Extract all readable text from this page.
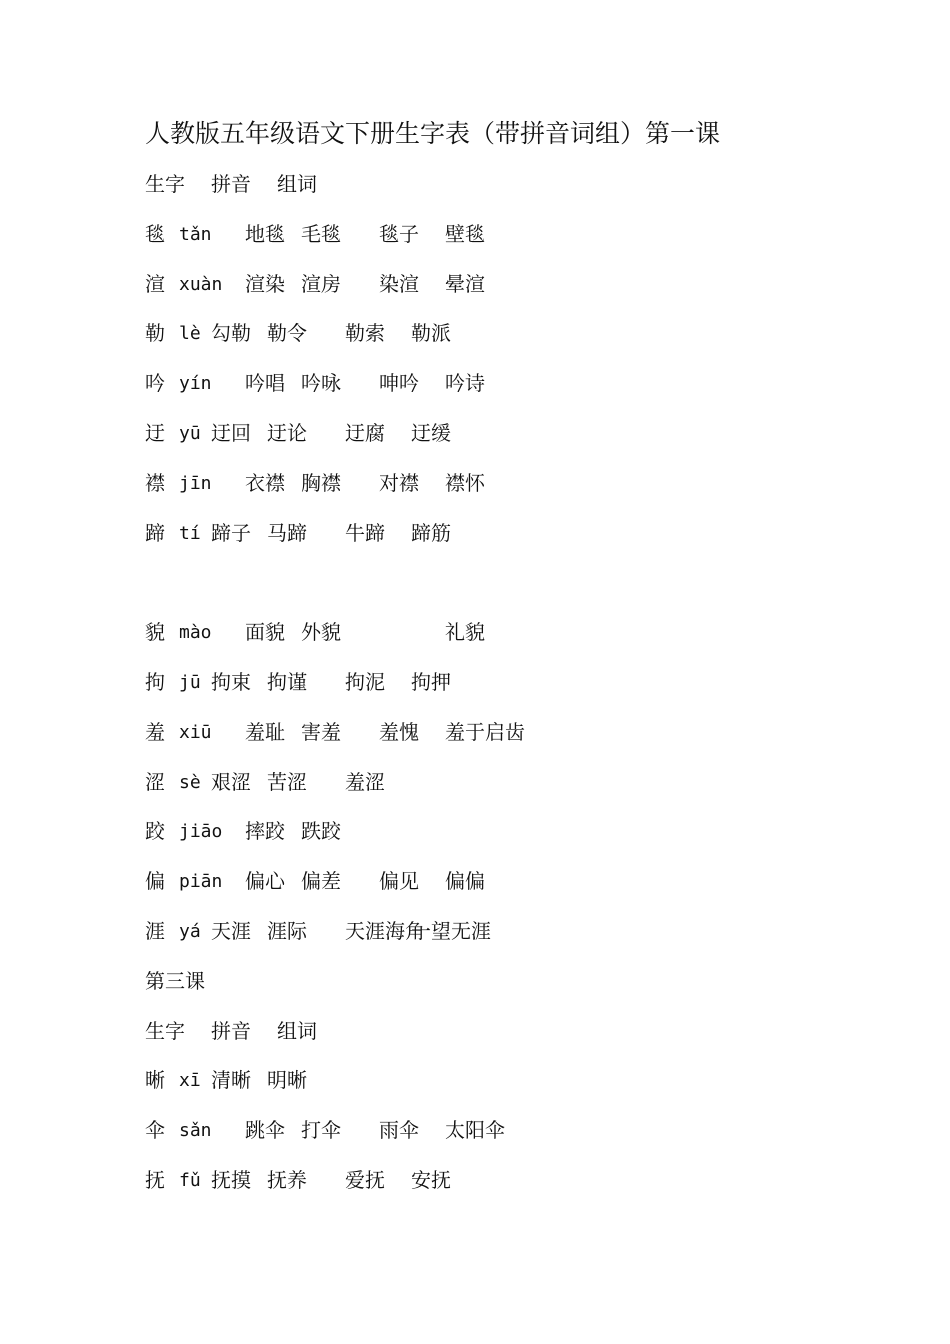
人教版五年级语文下册生字表（带拼音词组）第一课
生字 拼音 组词
毯 tǎn 地毯 毛毯 毯子 壁毯
渲 xuàn 渲染 渲房 染渲 晕渲
勒 lè 勾勒 勒令 勒索 勒派
吟 yín 吟唱 吟咏 呻吟 吟诗
迂 yū 迂回 迂论 迂腐 迂缓
襟 jīn 衣襟 胸襟 对襟 襟怀
蹄 tí 蹄子 马蹄 牛蹄 蹄筋
貌 mào 面貌 外貌	礼貌
拘 jū 拘束 拘谨 拘泥 拘押
羞 xiū 羞耻 害羞 羞愧 羞于启齿
涩 sè 艰涩 苦涩 羞涩
跤 jiāo 摔跤 跌跤
偏 piān 偏心 偏差 偏见 偏偏
涯 yá 天涯 涯际 天涯海角
一望无涯
第三课
生字 拼音 组词
晰 xī 清晰 明晰
伞 sǎn 跳伞 打伞 雨伞 太阳伞
抚 fǔ 抚摸 抚养 爱抚 安抚
